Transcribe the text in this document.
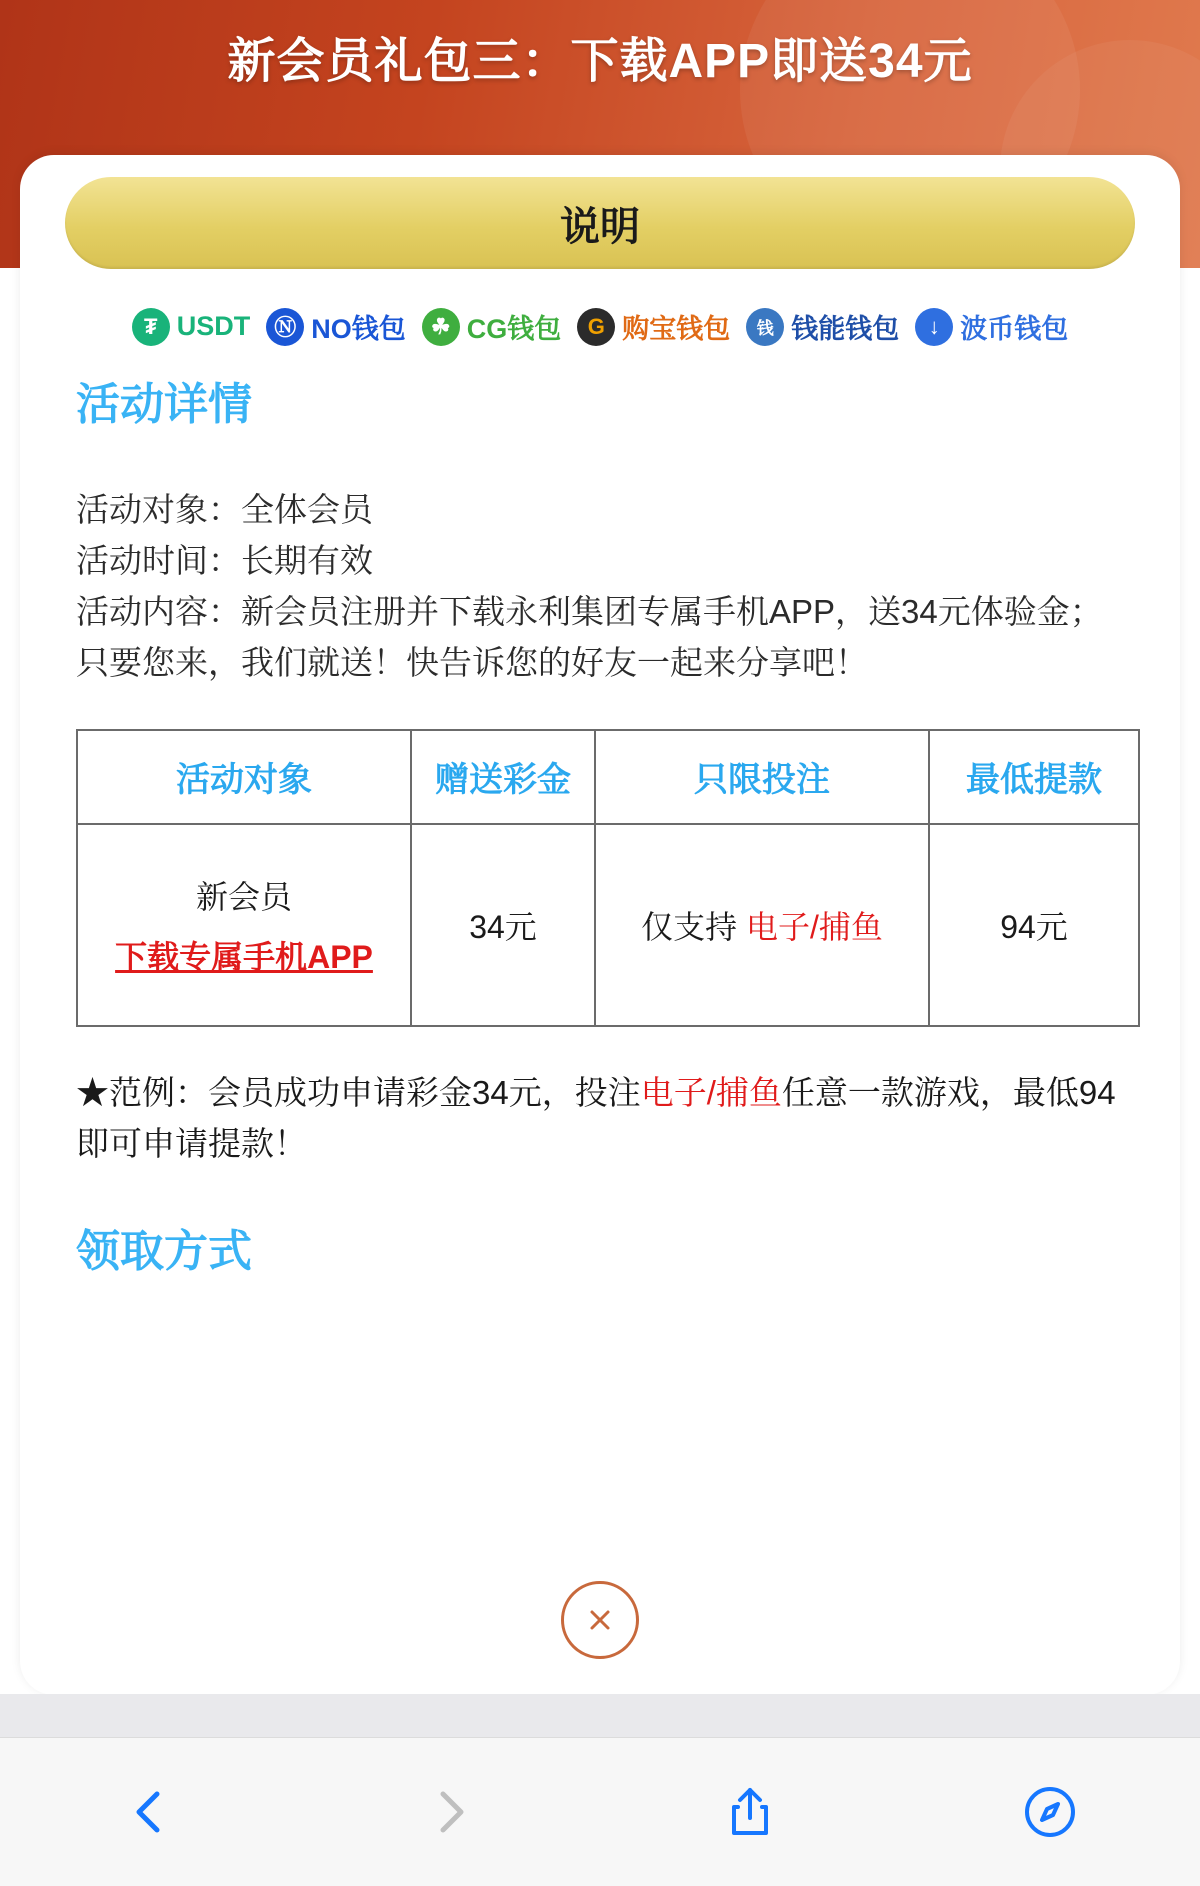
新会员礼包三：下载APP即送34元
说明
₮ USDT	Ⓝ NO钱包	☘ CG钱包	G 购宝钱包	钱 钱能钱包	↓ 波币钱包
活动详情

活动对象：全体会员

活动时间：长期有效

活动内容：新会员注册并下载永利集团专属手机APP，送34元体验金；只要您来，我们就送！快告诉您的好友一起来分享吧！

活动对象	赠送彩金	只限投注	最低提款
新会员
下载专属手机APP	34元	仅支持 电子/捕鱼	94元

★范例：会员成功申请彩金34元，投注电子/捕鱼任意一款游戏，最低94即可申请提款！

领取方式
